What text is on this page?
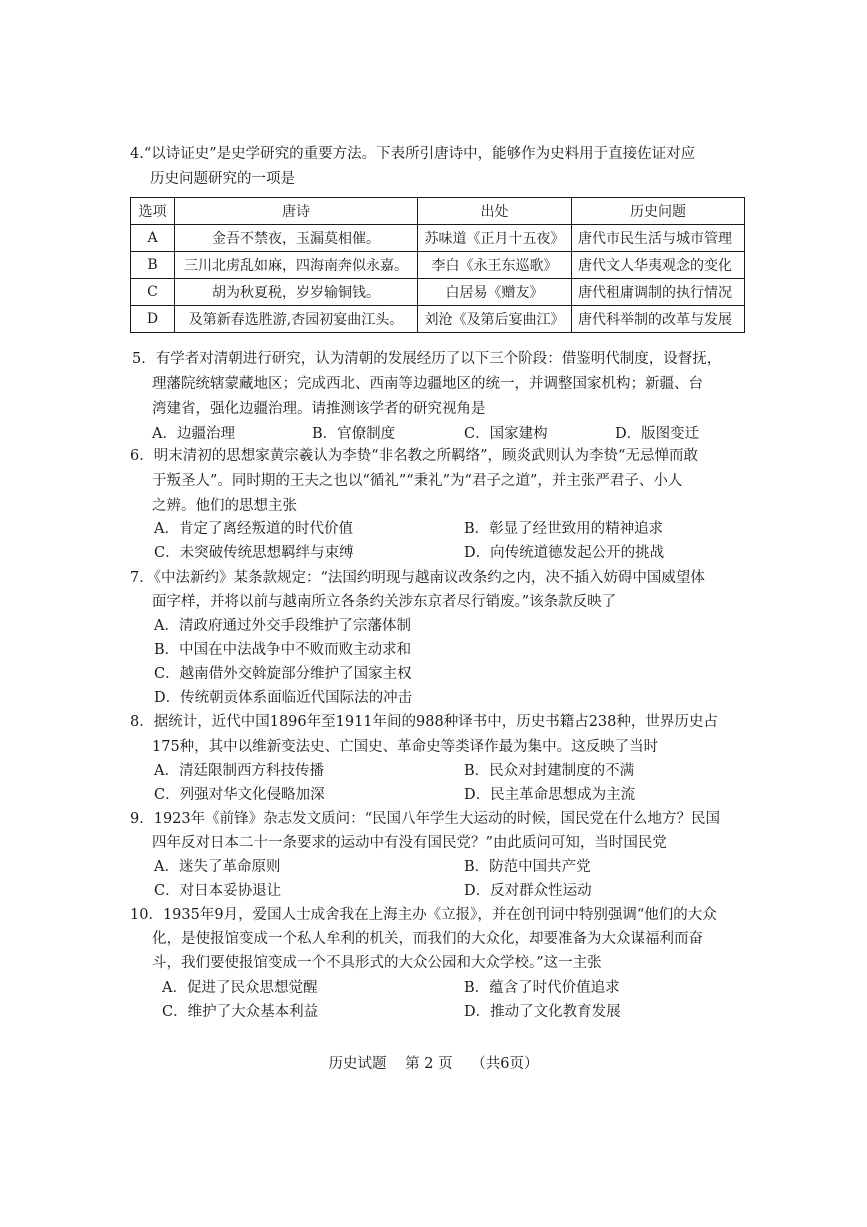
4.“以诗证史”是史学研究的重要方法。下表所引唐诗中，能够作为史料用于直接佐证对应
历史问题研究的一项是
选项	唐诗	出处	历史问题
A	金吾不禁夜，玉漏莫相催。	苏味道《正月十五夜》	唐代市民生活与城市管理
B	三川北虏乱如麻，四海南奔似永嘉。	李白《永王东巡歌》	唐代文人华夷观念的变化
C	胡为秋夏税，岁岁输铜钱。	白居易《赠友》	唐代租庸调制的执行情况
D	及第新春选胜游,杏园初宴曲江头。	刘沧《及第后宴曲江》	唐代科举制的改革与发展
5．有学者对清朝进行研究，认为清朝的发展经历了以下三个阶段：借鉴明代制度，设督抚，
理藩院统辖蒙藏地区；完成西北、西南等边疆地区的统一，并调整国家机构；新疆、台
湾建省，强化边疆治理。请推测该学者的研究视角是
A．边疆治理	B．官僚制度	C．国家建构	D．版图变迁
6．明末清初的思想家黄宗羲认为李贽“非名教之所羁络”，顾炎武则认为李贽“无忌惮而敢
于叛圣人”。同时期的王夫之也以“循礼”“秉礼”为“君子之道”，并主张严君子、小人
之辨。他们的思想主张
A．肯定了离经叛道的时代价值	B．彰显了经世致用的精神追求
C．未突破传统思想羁绊与束缚	D．向传统道德发起公开的挑战
7．《中法新约》某条款规定：“法国约明现与越南议改条约之内，决不插入妨碍中国威望体
面字样，并将以前与越南所立各条约关涉东京者尽行销废。”该条款反映了
A．清政府通过外交手段维护了宗藩体制
B．中国在中法战争中不败而败主动求和
C．越南借外交斡旋部分维护了国家主权
D．传统朝贡体系面临近代国际法的冲击
8．据统计，近代中国1896年至1911年间的988种译书中，历史书籍占238种，世界历史占
175种，其中以维新变法史、亡国史、革命史等类译作最为集中。这反映了当时
A．清廷限制西方科技传播	B．民众对封建制度的不满
C．列强对华文化侵略加深	D．民主革命思想成为主流
9．1923年《前锋》杂志发文质问：“民国八年学生大运动的时候，国民党在什么地方？民国
四年反对日本二十一条要求的运动中有没有国民党？”由此质问可知，当时国民党
A．迷失了革命原则	B．防范中国共产党
C．对日本妥协退让	D．反对群众性运动
10．1935年9月，爱国人士成舍我在上海主办《立报》，并在创刊词中特别强调“他们的大众
化，是使报馆变成一个私人牟利的机关，而我们的大众化，却要准备为大众谋福利而奋
斗，我们要使报馆变成一个不具形式的大众公园和大众学校。”这一主张
A．促进了民众思想觉醒	B．蕴含了时代价值追求
C．维护了大众基本利益	D．推动了文化教育发展
历史试题 第 2 页 （共6页）
